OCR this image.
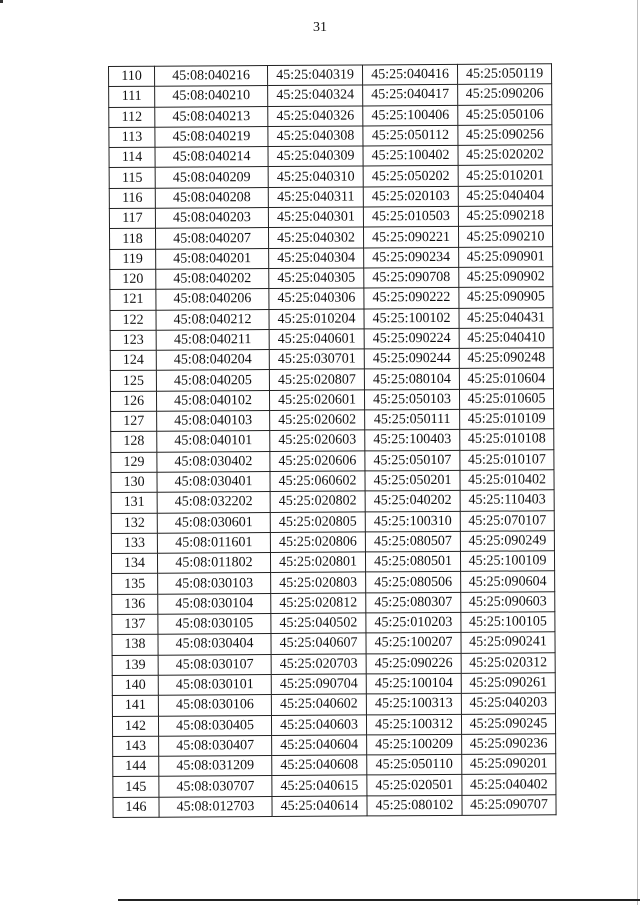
31
110	45:08:040216	45:25:040319	45:25:040416	45:25:050119
111	45:08:040210	45:25:040324	45:25:040417	45:25:090206
112	45:08:040213	45:25:040326	45:25:100406	45:25:050106
113	45:08:040219	45:25:040308	45:25:050112	45:25:090256
114	45:08:040214	45:25:040309	45:25:100402	45:25:020202
115	45:08:040209	45:25:040310	45:25:050202	45:25:010201
116	45:08:040208	45:25:040311	45:25:020103	45:25:040404
117	45:08:040203	45:25:040301	45:25:010503	45:25:090218
118	45:08:040207	45:25:040302	45:25:090221	45:25:090210
119	45:08:040201	45:25:040304	45:25:090234	45:25:090901
120	45:08:040202	45:25:040305	45:25:090708	45:25:090902
121	45:08:040206	45:25:040306	45:25:090222	45:25:090905
122	45:08:040212	45:25:010204	45:25:100102	45:25:040431
123	45:08:040211	45:25:040601	45:25:090224	45:25:040410
124	45:08:040204	45:25:030701	45:25:090244	45:25:090248
125	45:08:040205	45:25:020807	45:25:080104	45:25:010604
126	45:08:040102	45:25:020601	45:25:050103	45:25:010605
127	45:08:040103	45:25:020602	45:25:050111	45:25:010109
128	45:08:040101	45:25:020603	45:25:100403	45:25:010108
129	45:08:030402	45:25:020606	45:25:050107	45:25:010107
130	45:08:030401	45:25:060602	45:25:050201	45:25:010402
131	45:08:032202	45:25:020802	45:25:040202	45:25:110403
132	45:08:030601	45:25:020805	45:25:100310	45:25:070107
133	45:08:011601	45:25:020806	45:25:080507	45:25:090249
134	45:08:011802	45:25:020801	45:25:080501	45:25:100109
135	45:08:030103	45:25:020803	45:25:080506	45:25:090604
136	45:08:030104	45:25:020812	45:25:080307	45:25:090603
137	45:08:030105	45:25:040502	45:25:010203	45:25:100105
138	45:08:030404	45:25:040607	45:25:100207	45:25:090241
139	45:08:030107	45:25:020703	45:25:090226	45:25:020312
140	45:08:030101	45:25:090704	45:25:100104	45:25:090261
141	45:08:030106	45:25:040602	45:25:100313	45:25:040203
142	45:08:030405	45:25:040603	45:25:100312	45:25:090245
143	45:08:030407	45:25:040604	45:25:100209	45:25:090236
144	45:08:031209	45:25:040608	45:25:050110	45:25:090201
145	45:08:030707	45:25:040615	45:25:020501	45:25:040402
146	45:08:012703	45:25:040614	45:25:080102	45:25:090707
